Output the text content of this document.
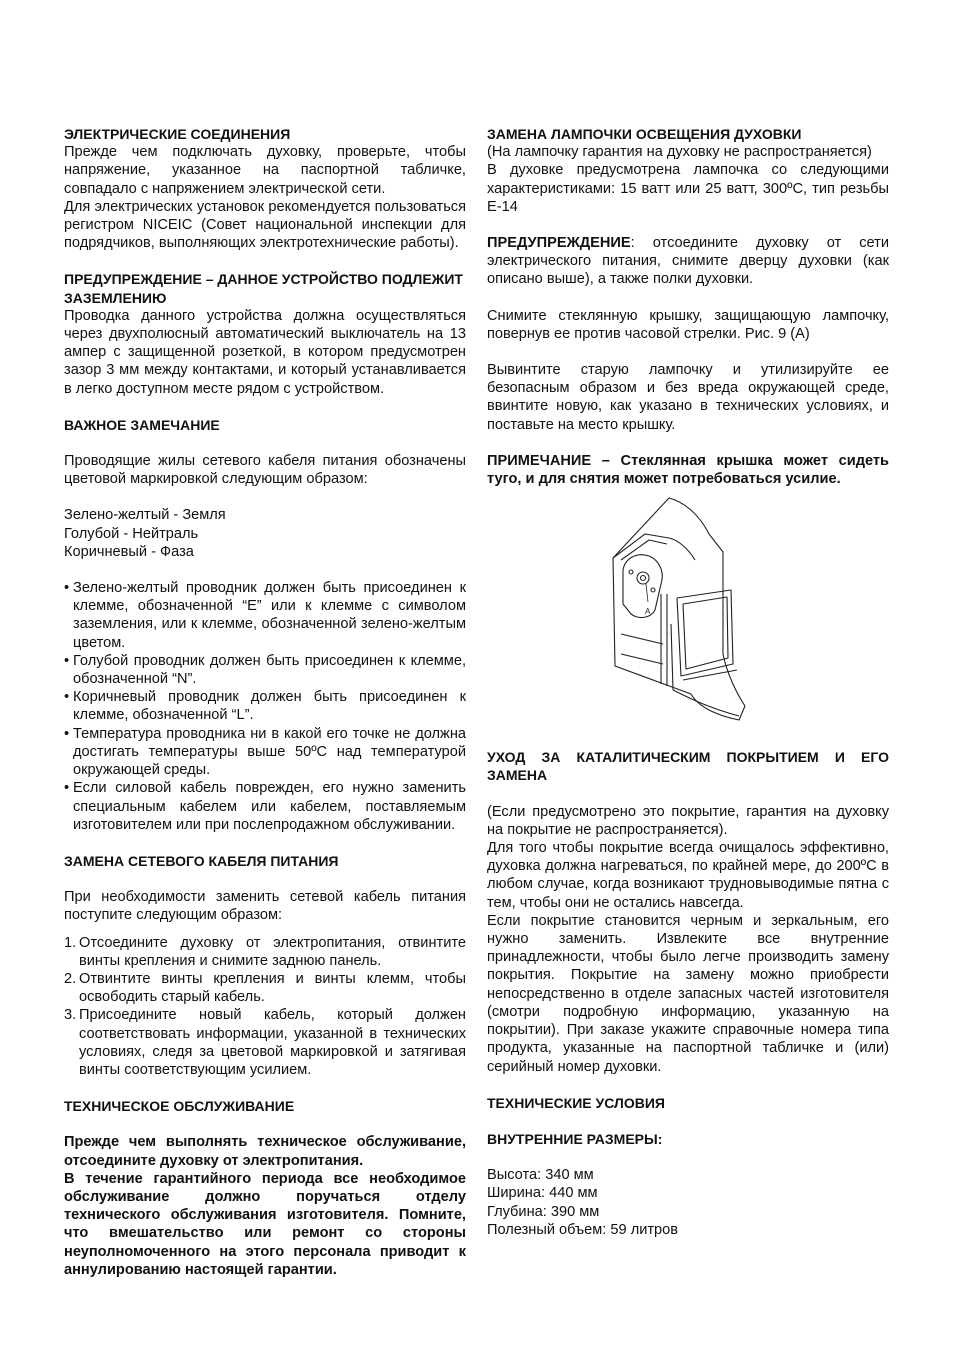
ЭЛЕКТРИЧЕСКИЕ СОЕДИНЕНИЯ

Прежде чем подключать духовку, проверьте, чтобы напряжение, указанное на паспортной табличке, совпадало с напряжением электрической сети.

Для электрических установок рекомендуется пользоваться регистром NICEIC (Совет национальной инспекции для подрядчиков, выполняющих электротехнические работы).

ПРЕДУПРЕЖДЕНИЕ – ДАННОЕ УСТРОЙСТВО ПОДЛЕЖИТ ЗАЗЕМЛЕНИЮ

Проводка данного устройства должна осуществляться через двухполюсный автоматический выключатель на 13 ампер с защищенной розеткой, в котором предусмотрен зазор 3 мм между контактами, и который устанавливается в легко доступном месте рядом с устройством.

ВАЖНОЕ ЗАМЕЧАНИЕ

Проводящие жилы сетевого кабеля питания обозначены цветовой маркировкой следующим образом:

Зелено-желтый - Земля
Голубой - Нейтраль
Коричневый - Фаза
• Зелено-желтый проводник должен быть присоединен к клемме, обозначенной “E” или к клемме с символом заземления, или к клемме, обозначенной зелено-желтым цветом.
• Голубой проводник должен быть присоединен к клемме, обозначенной “N”.
• Коричневый проводник должен быть присоединен к клемме, обозначенной “L”.
• Температура проводника ни в какой его точке не должна достигать температуры выше 50ºC над температурой окружающей среды.
• Если силовой кабель поврежден, его нужно заменить специальным кабелем или кабелем, поставляемым изготовителем или при послепродажном обслуживании.

ЗАМЕНА СЕТЕВОГО КАБЕЛЯ ПИТАНИЯ

При необходимости заменить сетевой кабель питания поступите следующим образом:

1. Отсоедините духовку от электропитания, отвинтите винты крепления и снимите заднюю панель.
2. Отвинтите винты крепления и винты клемм, чтобы освободить старый кабель.
3. Присоедините новый кабель, который должен соответствовать информации, указанной в технических условиях, следя за цветовой маркировкой и затягивая винты соответствующим усилием.

ТЕХНИЧЕСКОЕ ОБСЛУЖИВАНИЕ

Прежде чем выполнять техническое обслуживание, отсоедините духовку от электропитания.

В течение гарантийного периода все необходимое обслуживание должно поручаться отделу технического обслуживания изготовителя. Помните, что вмешательство или ремонт со стороны неуполномоченного на этого персонала приводит к аннулированию настоящей гарантии.

ЗАМЕНА ЛАМПОЧКИ ОСВЕЩЕНИЯ ДУХОВКИ

(На лампочку гарантия на духовку не распространяется)

В духовке предусмотрена лампочка со следующими характеристиками: 15 ватт или 25 ватт, 300ºC, тип резьбы E-14

ПРЕДУПРЕЖДЕНИЕ: отсоедините духовку от сети электрического питания, снимите дверцу духовки (как описано выше), а также полки духовки.

Снимите стеклянную крышку, защищающую лампочку, повернув ее против часовой стрелки. Рис. 9 (А)

Вывинтите старую лампочку и утилизируйте ее безопасным образом и без вреда окружающей среде, ввинтите новую, как указано в технических условиях, и поставьте на место крышку.

ПРИМЕЧАНИЕ – Стеклянная крышка может сидеть туго, и для снятия может потребоваться усилие.

A

УХОД ЗА КАТАЛИТИЧЕСКИМ ПОКРЫТИЕМ И ЕГО ЗАМЕНА

(Если предусмотрено это покрытие, гарантия на духовку на покрытие не распространяется).

Для того чтобы покрытие всегда очищалось эффективно, духовка должна нагреваться, по крайней мере, до 200ºC в любом случае, когда возникают трудновыводимые пятна с тем, чтобы они не остались навсегда.

Если покрытие становится черным и зеркальным, его нужно заменить. Извлеките все внутренние принадлежности, чтобы было легче производить замену покрытия. Покрытие на замену можно приобрести непосредственно в отделе запасных частей изготовителя (смотри подробную информацию, указанную на покрытии). При заказе укажите справочные номера типа продукта, указанные на паспортной табличке и (или) серийный номер духовки.

ТЕХНИЧЕСКИЕ УСЛОВИЯ

ВНУТРЕННИЕ РАЗМЕРЫ:

Высота: 340 мм
Ширина: 440 мм
Глубина: 390 мм
Полезный объем: 59 литров
